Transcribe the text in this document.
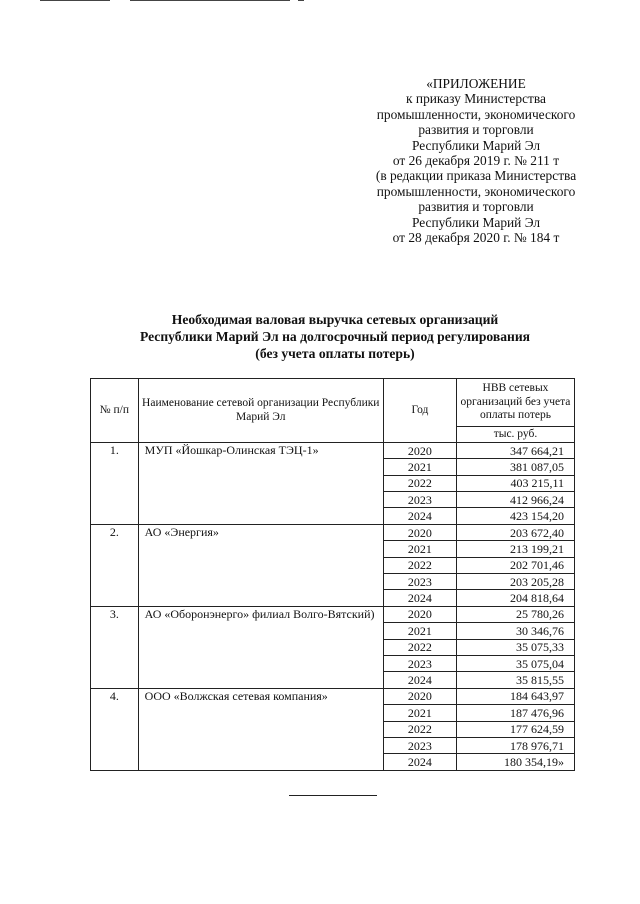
«ПРИЛОЖЕНИЕ
к приказу Министерства
промышленности, экономического
развития и торговли
Республики Марий Эл
от 26 декабря 2019 г. № 211 т
(в редакции приказа Министерства
промышленности, экономического
развития и торговли
Республики Марий Эл
от 28 декабря 2020 г. № 184 т
Необходимая валовая выручка сетевых организаций
Республики Марий Эл на долгосрочный период регулирования
(без учета оплаты потерь)
№ п/п	Наименование сетевой организации Республики Марий Эл	Год	НВВ сетевых организаций без учета оплаты потерь
			тыс. руб.
1.	МУП «Йошкар-Олинская ТЭЦ-1»	2020	347 664,21
		2021	381 087,05
		2022	403 215,11
		2023	412 966,24
		2024	423 154,20
2.	АО «Энергия»	2020	203 672,40
		2021	213 199,21
		2022	202 701,46
		2023	203 205,28
		2024	204 818,64
3.	АО «Оборонэнерго» филиал Волго-Вятский)	2020	25 780,26
		2021	30 346,76
		2022	35 075,33
		2023	35 075,04
		2024	35 815,55
4.	ООО «Волжская сетевая компания»	2020	184 643,97
		2021	187 476,96
		2022	177 624,59
		2023	178 976,71
		2024	180 354,19»
